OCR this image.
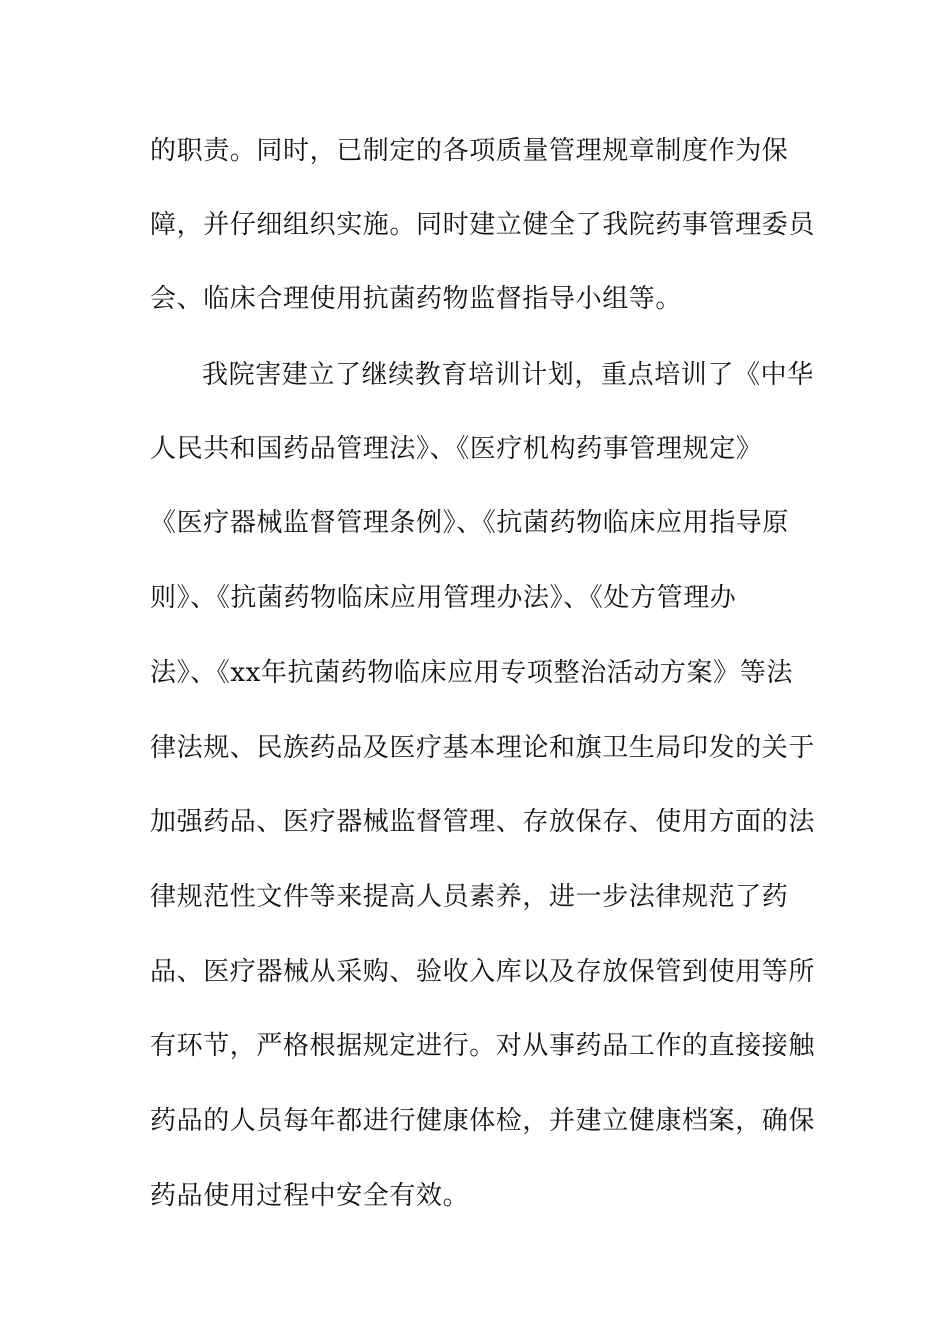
的职责。同时，已制定的各项质量管理规章制度作为保
障，并仔细组织实施。同时建立健全了我院药事管理委员
会、临床合理使用抗菌药物监督指导小组等。
我院害建立了继续教育培训计划，重点培训了《中华
人民共和国药品管理法》、《医疗机构药事管理规定》
《医疗器械监督管理条例》、《抗菌药物临床应用指导原
则》、《抗菌药物临床应用管理办法》、《处方管理办
法》、《xx年抗菌药物临床应用专项整治活动方案》等法
律法规、民族药品及医疗基本理论和旗卫生局印发的关于
加强药品、医疗器械监督管理、存放保存、使用方面的法
律规范性文件等来提高人员素养，进一步法律规范了药
品、医疗器械从采购、验收入库以及存放保管到使用等所
有环节，严格根据规定进行。对从事药品工作的直接接触
药品的人员每年都进行健康体检，并建立健康档案，确保
药品使用过程中安全有效。
